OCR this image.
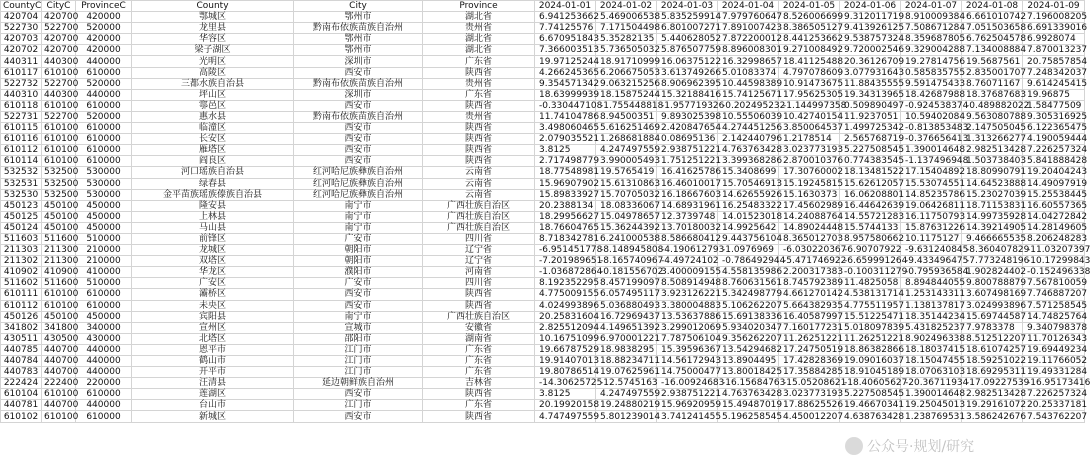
CountyC	CityC	ProvinceC	County	City	Province	2024-01-01	2024-01-02	2024-01-03	2024-01-04	2024-01-05	2024-01-06	2024-01-07	2024-01-08	2024-01-09
420704	420700	420000	鄂城区	鄂州市	湖北省	6.941253662	5.469006538	5.835259914	7.979760647	8.526006699	9.312011719	8.910009384	6.661010742	7.196008205
522730	522700	520000	龙里县	黔南布依族苗族自治州	贵州省	7.74125576	7.171504498	6.801007271	7.891007423	8.386505127	9.413926125	7.508671284	7.051503658	6.691339016
420703	420700	420000	华容区	鄂州市	湖北省	6.670951843	5.35282135	5.440628052	7.872200012	8.441253662	9.538757324	8.359687805	6.762504578	6.9928074
420702	420700	420000	梁子湖区	鄂州市	湖北省	7.366003513	5.736505032	5.876507759	8.896008301	9.271008492	9.720002546	9.329004288	7.134008884	7.870013237
440311	440300	440000	光明区	深圳市	广东省	19.97125244	18.91710999	16.06375122	16.32998657	18.41125488	20.36126709	19.27814756	19.5687561	20.75857854
610117	610100	610000	高陵区	西安市	陕西省	4.266245365	6.206675053	3.613749266	5.01083374	4.797078609	3.077931643	0.585835755	2.835001707	7.248342037
522732	522700	520000	三都水族自治县	黔南布依族苗族自治州	贵州省	9.354571342	9.063215256	8.906962395	10.44598389	10.91473675	11.88435555	9.591475433	8.76071167	9.614245415
440310	440300	440000	坪山区	深圳市	广东省	18.63999939	18.15875244	15.32188416	15.74125671	17.95625305	19.34313965	18.42687988	18.37687683	19.96875
610118	610100	610000	鄠邑区	西安市	陕西省	-0.330447108	-1.755448818	-1.957719326	-0.202495232	-1.144997358	0.509890497	-0.924538374	-0.489882022	1.58477509
522731	522700	520000	惠水县	黔南布依族苗族自治州	贵州省	11.74104786	8.94500351	9.893025398	10.55506039	10.42740154	11.9237051	10.59402084	9.563080788	9.305316925
610115	610100	610000	临潼区	西安市	陕西省	3.498060465	5.616251469	2.420847654	4.274451256	3.850064537	1.499725342	-0.813853483	2.147505045	6.122365475
610116	610100	610000	长安区	西安市	陕西省	2.079035521	1.268681884	0.08695136	2.142440796	1.2178514	2.565768719	-0.376656413	1.313266277	4.190059444
610112	610100	610000	雁塔区	西安市	陕西省	3.8125	4.247497559	2.938751221	4.763763428	3.023773193	5.227508545	1.390014648	2.982513428	7.226257324
610114	610100	610000	阎良区	西安市	陕西省	2.717498779	3.990005493	1.751251221	3.399368286	2.870010376	0.774383545	-1.137496948	1.503738403	5.841888428
532532	532500	530000	河口瑶族自治县	红河哈尼族彝族自治州	云南省	18.77548981	19.5765419	16.41625786	15.3408699	17.30760002	18.13481522	17.15404892	18.80990791	19.20404243
532531	532500	530000	绿春县	红河哈尼族彝族自治州	云南省	15.96907902	15.61310863	16.46010017	15.70546913	15.19245815	15.62612057	15.53074551	14.64523888	14.49097919
532530	532500	530000	金平苗族瑶族傣族自治县	红河哈尼族彝族自治州	云南省	15.89833927	15.70705032	16.18667603	14.62655926	15.1630373	16.06208801	14.85235786	15.23027039	15.25538445
450123	450100	450000	隆安县	南宁市	广西壮族自治区	20.2388134	18.08336067	14.68931961	16.25483322	17.45602989	16.44642639	19.06426811	18.71153831	16.60557365
450125	450100	450000	上林县	南宁市	广西壮族自治区	18.29956627	15.04978657	12.3739748	14.01523018	14.24088764	14.55721283	16.11750793	14.99735928	14.04272842
450124	450100	450000	马山县	南宁市	广西壮族自治区	18.76604765	15.36244392	13.70180032	14.9925642	14.89024448	15.5744133	15.87631226	14.39214905	14.28149605
511603	511600	510000	前锋区	广安市	四川省	8.718342781	6.241000538	8.586680412	9.443756104	8.365012703	8.957580662	10.1175127	9.466665535	8.206248283
211303	211300	210000	龙城区	朝阳市	辽宁省	-6.951451778	-8.148945808	-4.190612793	-1.0976969	-6.030220367	-6.90707922	-9.631240845	-8.360407829	-11.03207397
211302	211300	210000	双塔区	朝阳市	辽宁省	-7.201989651	-8.165740967	-4.49724102	-0.786492944	-5.471746922	-6.659991264	-9.433496475	-7.773248196	-10.17299843
410902	410900	410000	华龙区	濮阳市	河南省	-1.036872864	-0.181556702	3.400009155	4.558135986	2.200317383	-0.100311279	-0.795936584	1.902824402	-0.152496338
511602	511600	510000	广安区	广安市	四川省	8.192352295	8.457199097	8.508914948	8.760631561	8.745792389	11.4825058	8.894844055	9.800788879	7.567810059
610111	610100	610000	灞桥区	西安市	陕西省	4.775009155	6.057495117	3.923126221	5.342498779	4.661270142	4.538131714	1.253143311	3.607498169	7.746887207
610112	610100	610000	未央区	西安市	陕西省	4.024993896	5.036880493	3.380004883	5.106262207	5.664382935	4.775511957	1.138137817	3.024993896	7.571258545
450126	450100	450000	宾阳县	南宁市	广西壮族自治区	20.25831604	16.72969437	13.53637886	15.69138336	16.40587997	15.51225471	18.35144234	15.69744587	14.74825764
341802	341800	340000	宣州区	宣城市	安徽省	2.825512094	4.149651392	3.299012069	5.934020347	7.160177231	5.018097839	5.431825237	7.9783378	9.340798378
430511	430500	430000	北塔区	邵阳市	湖南省	10.16751099	6.970001221	7.787506104	9.356262207	11.26251221	11.26251221	8.902496338	8.512512207	11.70126343
440785	440700	440000	恩平市	江门市	广东省	19.66787529	18.9838295	15.39596367	13.54294682	17.24750519	18.86382866	18.18037415	18.61074257	19.69449234
440784	440700	440000	鹤山市	江门市	广东省	19.91407013	18.88234711	14.56172943	13.8904495	17.42828369	19.09016037	18.15047455	18.59251022	19.11766052
440783	440700	440000	开平市	江门市	广东省	19.80786514	19.07625961	14.75000477	13.80018425	17.35884285	18.91045189	18.07063103	18.69295311	19.49331284
222424	222400	220000	汪清县	延边朝鲜族自治州	吉林省	-14.30625725	-12.5745163	-16.00924683	-16.15684763	-15.05208621	-18.40605627	-20.36711934	-17.09227539	-16.95173416
610104	610100	610000	莲湖区	西安市	陕西省	3.8125	4.247497559	2.938751221	4.763763428	3.023773193	5.227508545	1.390014648	2.982513428	7.226257324
440781	440700	440000	台山市	江门市	广东省	20.19920158	19.24880219	15.96920959	15.49487019	17.88625526	19.46670341	19.25045013	19.29161072	20.25337181
610102	610100	610000	新城区	西安市	陕西省	4.747497559	5.801239014	3.741241455	5.196258545	4.450012207	4.638763428	1.238769531	3.586242676	7.543762207
公众号·规划/研究
